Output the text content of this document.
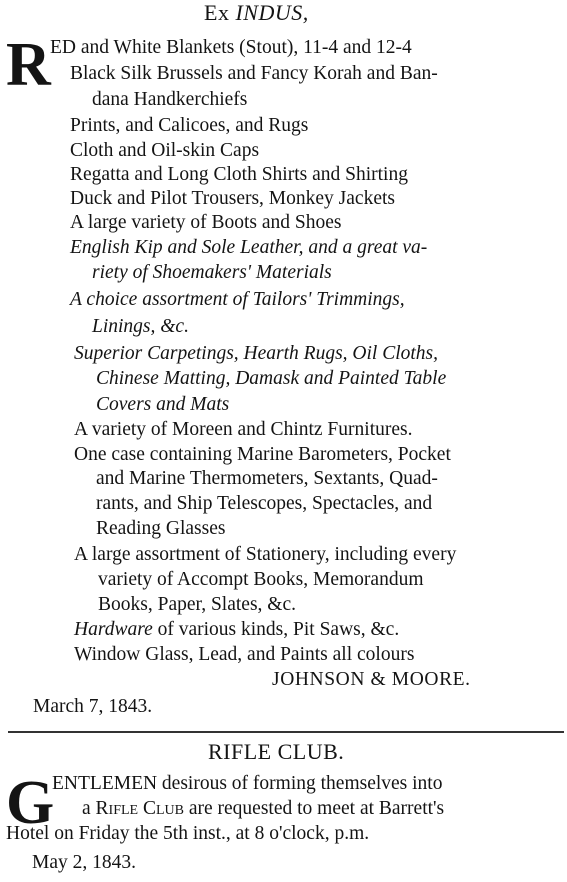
Ex INDUS,
R ED and White Blankets (Stout), 11-4 and 12-4
Black Silk Brussels and Fancy Korah and Ban-
dana Handkerchiefs
Prints, and Calicoes, and Rugs
Cloth and Oil-skin Caps
Regatta and Long Cloth Shirts and Shirting
Duck and Pilot Trousers, Monkey Jackets
A large variety of Boots and Shoes
English Kip and Sole Leather, and a great va-
riety of Shoemakers' Materials
A choice assortment of Tailors' Trimmings,
Linings, &c.
Superior Carpetings, Hearth Rugs, Oil Cloths,
Chinese Matting, Damask and Painted Table
Covers and Mats
A variety of Moreen and Chintz Furnitures.
One case containing Marine Barometers, Pocket
and Marine Thermometers, Sextants, Quad-
rants, and Ship Telescopes, Spectacles, and
Reading Glasses
A large assortment of Stationery, including every
variety of Accompt Books, Memorandum
Books, Paper, Slates, &c.
Hardware of various kinds, Pit Saws, &c.
Window Glass, Lead, and Paints all colours
JOHNSON & MOORE.
March 7, 1843.
RIFLE CLUB.
G
ENTLEMEN desirous of forming themselves into
a Rifle Club are requested to meet at Barrett's
Hotel on Friday the 5th inst., at 8 o'clock, p.m.
May 2, 1843.
